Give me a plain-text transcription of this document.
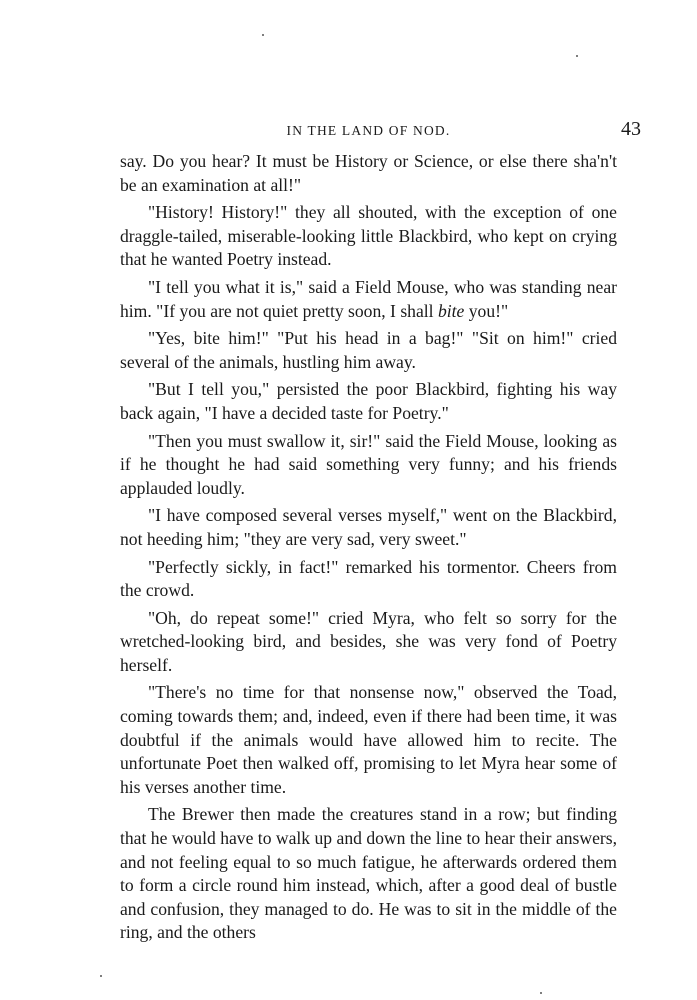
IN THE LAND OF NOD.	43

say. Do you hear? It must be History or Science, or else there sha'n't be an examination at all!"

"History! History!" they all shouted, with the exception of one draggle-tailed, miserable-looking little Blackbird, who kept on crying that he wanted Poetry instead.

"I tell you what it is," said a Field Mouse, who was standing near him. "If you are not quiet pretty soon, I shall bite you!"

"Yes, bite him!" "Put his head in a bag!" "Sit on him!" cried several of the animals, hustling him away.

"But I tell you," persisted the poor Blackbird, fighting his way back again, "I have a decided taste for Poetry."

"Then you must swallow it, sir!" said the Field Mouse, looking as if he thought he had said something very funny; and his friends applauded loudly.

"I have composed several verses myself," went on the Blackbird, not heeding him; "they are very sad, very sweet."

"Perfectly sickly, in fact!" remarked his tormentor. Cheers from the crowd.

"Oh, do repeat some!" cried Myra, who felt so sorry for the wretched-looking bird, and besides, she was very fond of Poetry herself.

"There's no time for that nonsense now," observed the Toad, coming towards them; and, indeed, even if there had been time, it was doubtful if the animals would have allowed him to recite. The unfortunate Poet then walked off, promising to let Myra hear some of his verses another time.

The Brewer then made the creatures stand in a row; but finding that he would have to walk up and down the line to hear their answers, and not feeling equal to so much fatigue, he afterwards ordered them to form a circle round him instead, which, after a good deal of bustle and confusion, they managed to do. He was to sit in the middle of the ring, and the others
